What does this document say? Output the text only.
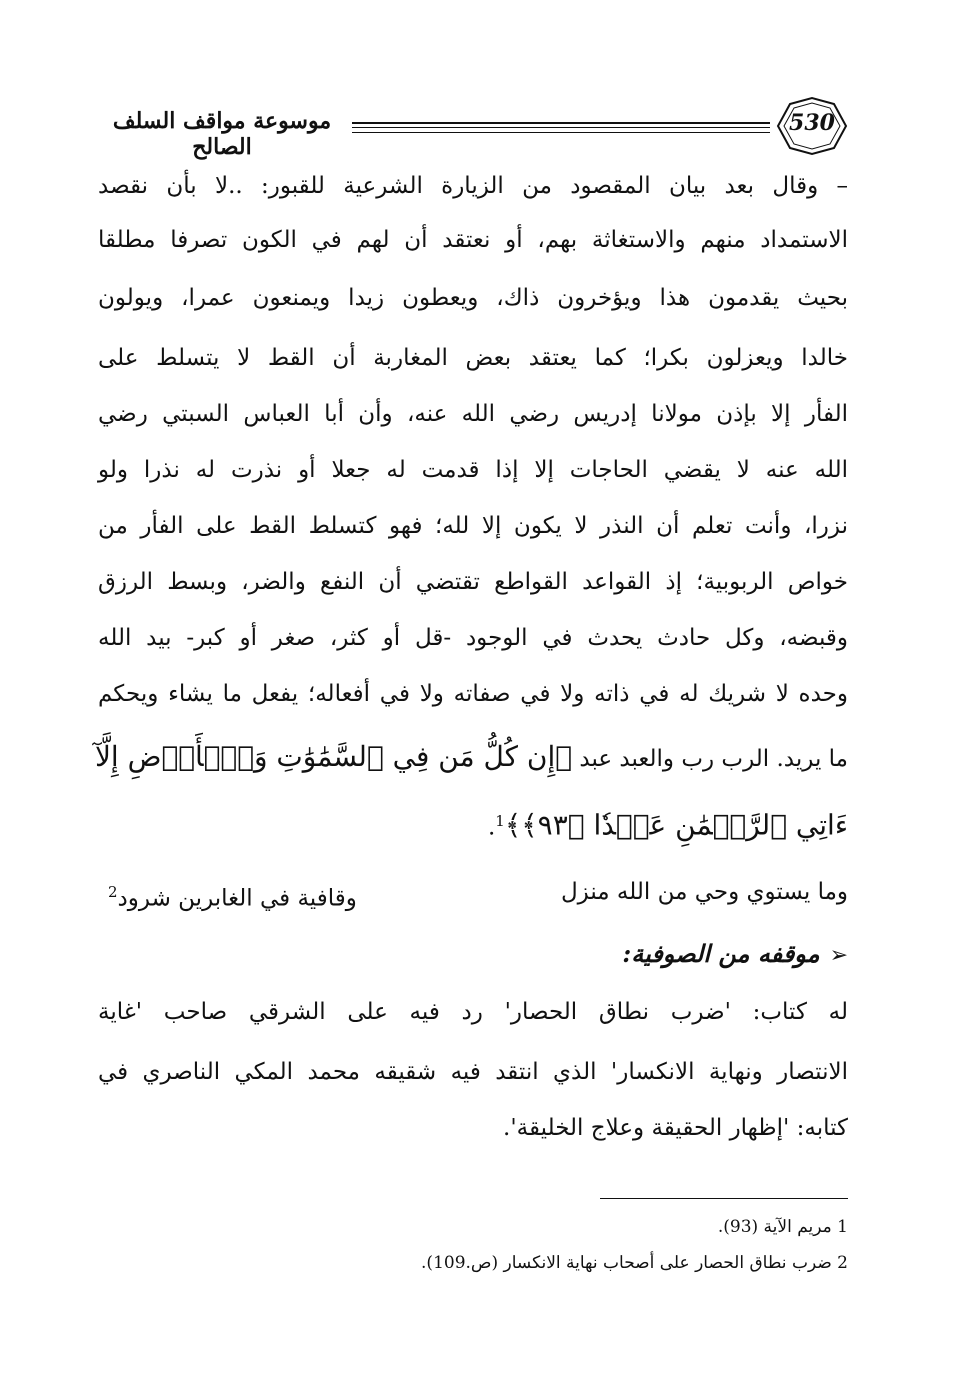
530
موسوعة مواقف السلف الصالح
– وقال بعد بيان المقصود من الزيارة الشرعية للقبور: ..لا بأن نقصد
الاستمداد منهم والاستغاثة بهم، أو نعتقد أن لهم في الكون تصرفا مطلقا
بحيث يقدمون هذا ويؤخرون ذاك، ويعطون زيدا ويمنعون عمرا، ويولون
خالدا ويعزلون بكرا؛ كما يعتقد بعض المغاربة أن القط لا يتسلط على
الفأر إلا بإذن مولانا إدريس رضي الله عنه، وأن أبا العباس السبتي رضي
الله عنه لا يقضي الحاجات إلا إذا قدمت له جعلا أو نذرت له نذرا ولو
نزرا، وأنت تعلم أن النذر لا يكون إلا لله؛ فهو كتسلط القط على الفأر من
خواص الربوبية؛ إذ القواعد القواطع تقتضي أن النفع والضر، وبسط الرزق
وقبضه، وكل حادث يحدث في الوجود -قل أو كثر، صغر أو كبر- بيد الله
وحده لا شريك له في ذاته ولا في صفاته ولا في أفعاله؛ يفعل ما يشاء ويحكم
ما يريد. الرب رب والعبد عبد ﴿إِن كُلُّ مَن فِي ٱلسَّمَٰوَٰتِ وَٱلۡأَرۡضِ إِلَّآ
ءَاتِي ٱلرَّحۡمَٰنِ عَبۡدٗا ﴿٩٣﴾﴾$^1$.
وما يستوي وحي من الله منزل
وقافية في الغابرين شرود$^2$
➢موقفه من الصوفية:
له كتاب: 'ضرب نطاق الحصار' رد فيه على الشرقي صاحب 'غاية
الانتصار ونهاية الانكسار' الذي انتقد فيه شقيقه محمد المكي الناصري في
كتابه: 'إظهار الحقيقة وعلاج الخليقة'.
1 مريم الآية (93).
2 ضرب نطاق الحصار على أصحاب نهاية الانكسار (ص.109).
